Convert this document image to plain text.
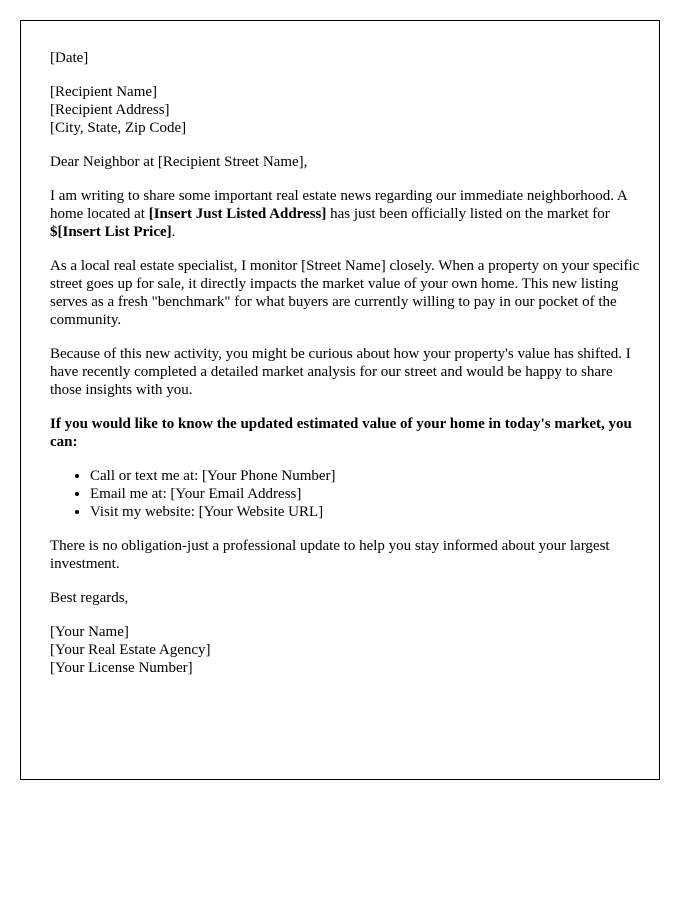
[Date]

[Recipient Name]
[Recipient Address]
[City, State, Zip Code]

Dear Neighbor at [Recipient Street Name],

I am writing to share some important real estate news regarding our immediate neighborhood. A home located at [Insert Just Listed Address] has just been officially listed on the market for $[Insert List Price].

As a local real estate specialist, I monitor [Street Name] closely. When a property on your specific street goes up for sale, it directly impacts the market value of your own home. This new listing serves as a fresh "benchmark" for what buyers are currently willing to pay in our pocket of the community.

Because of this new activity, you might be curious about how your property's value has shifted. I have recently completed a detailed market analysis for our street and would be happy to share those insights with you.

If you would like to know the updated estimated value of your home in today's market, you can:

• Call or text me at: [Your Phone Number]
• Email me at: [Your Email Address]
• Visit my website: [Your Website URL]

There is no obligation-just a professional update to help you stay informed about your largest investment.

Best regards,

[Your Name]
[Your Real Estate Agency]
[Your License Number]
